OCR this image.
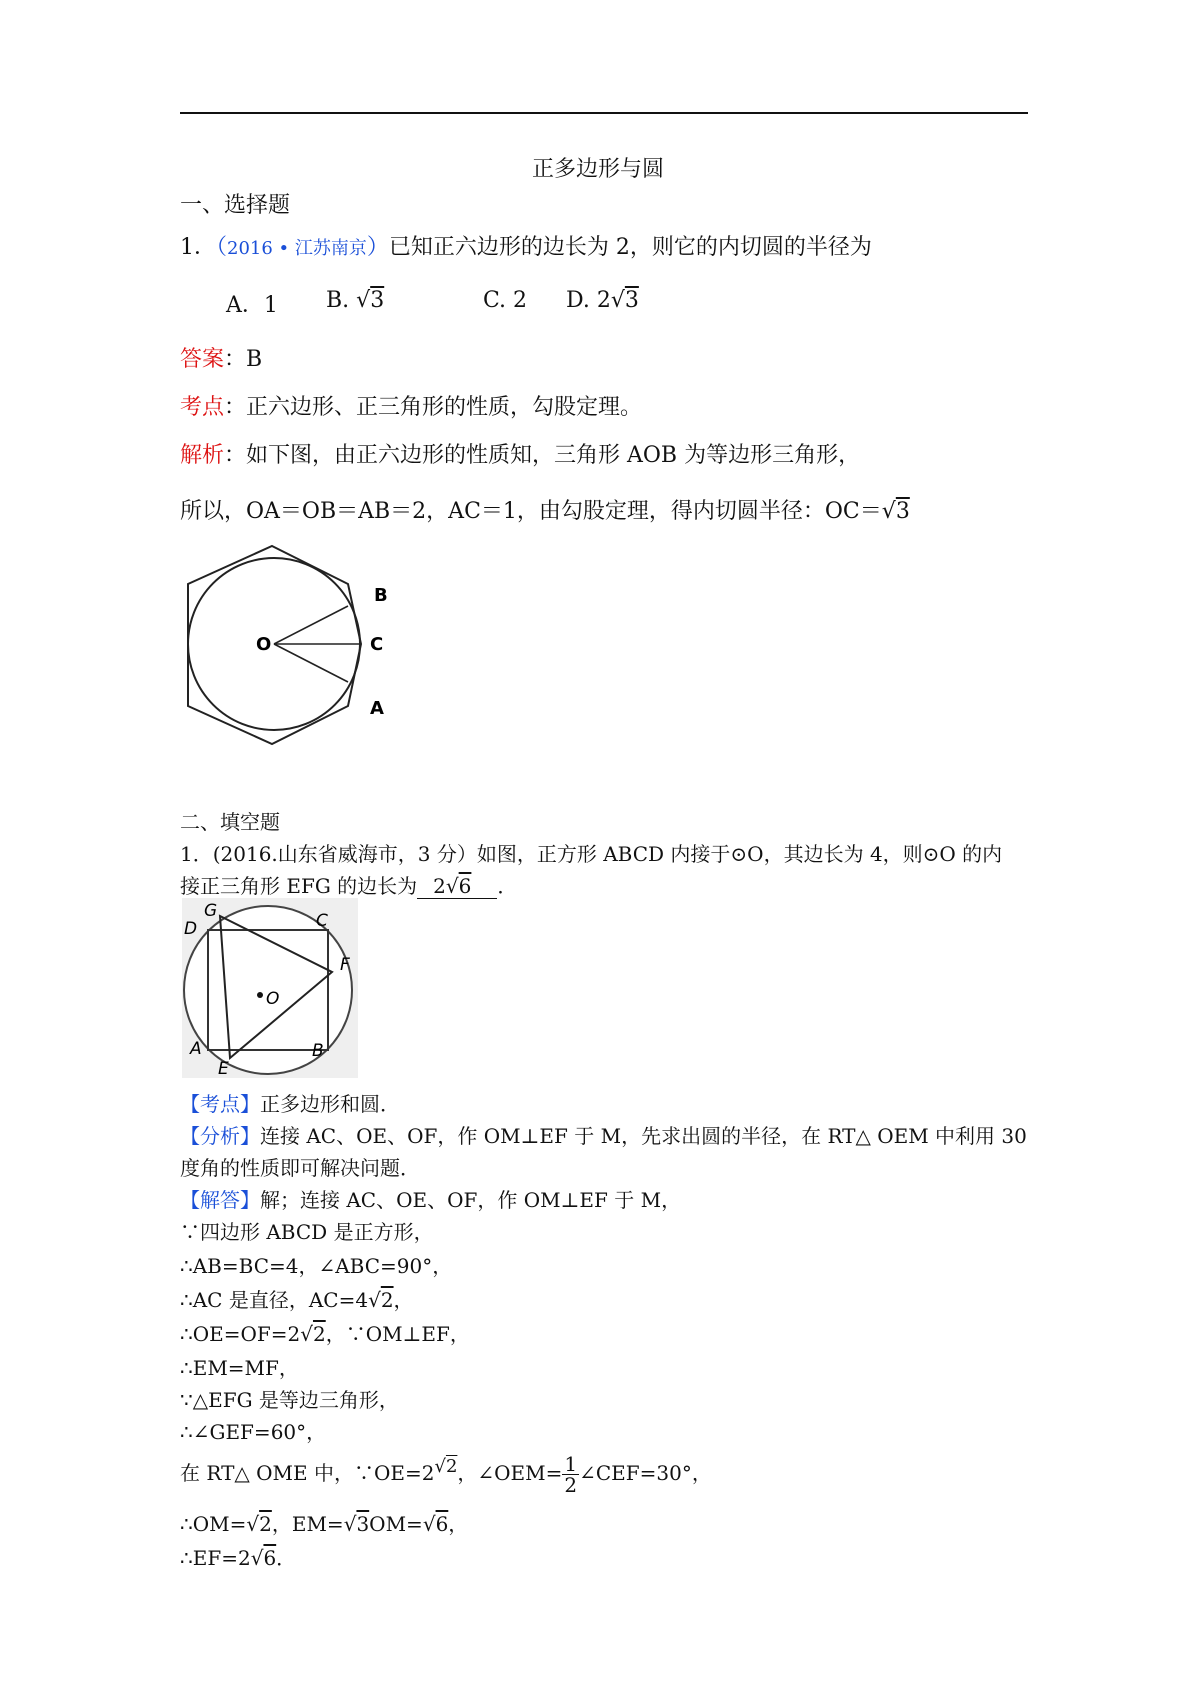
正多边形与圆
一、选择题
1．（2016 • 江苏南京）已知正六边形的边长为 2，则它的内切圆的半径为
A．1 B. √3	C. 2 D. 2√3
答案：B
考点：正六边形、正三角形的性质，勾股定理。
解析：如下图，由正六边形的性质知，三角形 AOB 为等边形三角形，
所以，OA＝OB＝AB＝2，AC＝1，由勾股定理，得内切圆半径：OC＝√3
B
O	C
A
二、填空题
1．(2016.山东省威海市，3 分）如图，正方形 ABCD 内接于⊙O，其边长为 4，则⊙O 的内
接正三角形 EFG 的边长为 2√6 ．
G
D	C
F
O
A
E
B
【考点】正多边形和圆．
【分析】连接 AC、OE、OF，作 OM⊥EF 于 M，先求出圆的半径，在 RT△ OEM 中利用 30
度角的性质即可解决问题．
【解答】解；连接 AC、OE、OF，作 OM⊥EF 于 M，
∵四边形 ABCD 是正方形，
∴AB=BC=4，∠ABC=90°，
∴AC 是直径，AC=4√2，
∴OE=OF=2√2，∵OM⊥EF，
∴EM=MF，
∵△EFG 是等边三角形，
∴∠GEF=60°，
在 RT△ OME 中，∵OE=2√2，∠OEM= $\frac{1}{2}$ ∠CEF=30°，
∴OM=√2，EM=√3OM=√6，
∴EF=2√6．
